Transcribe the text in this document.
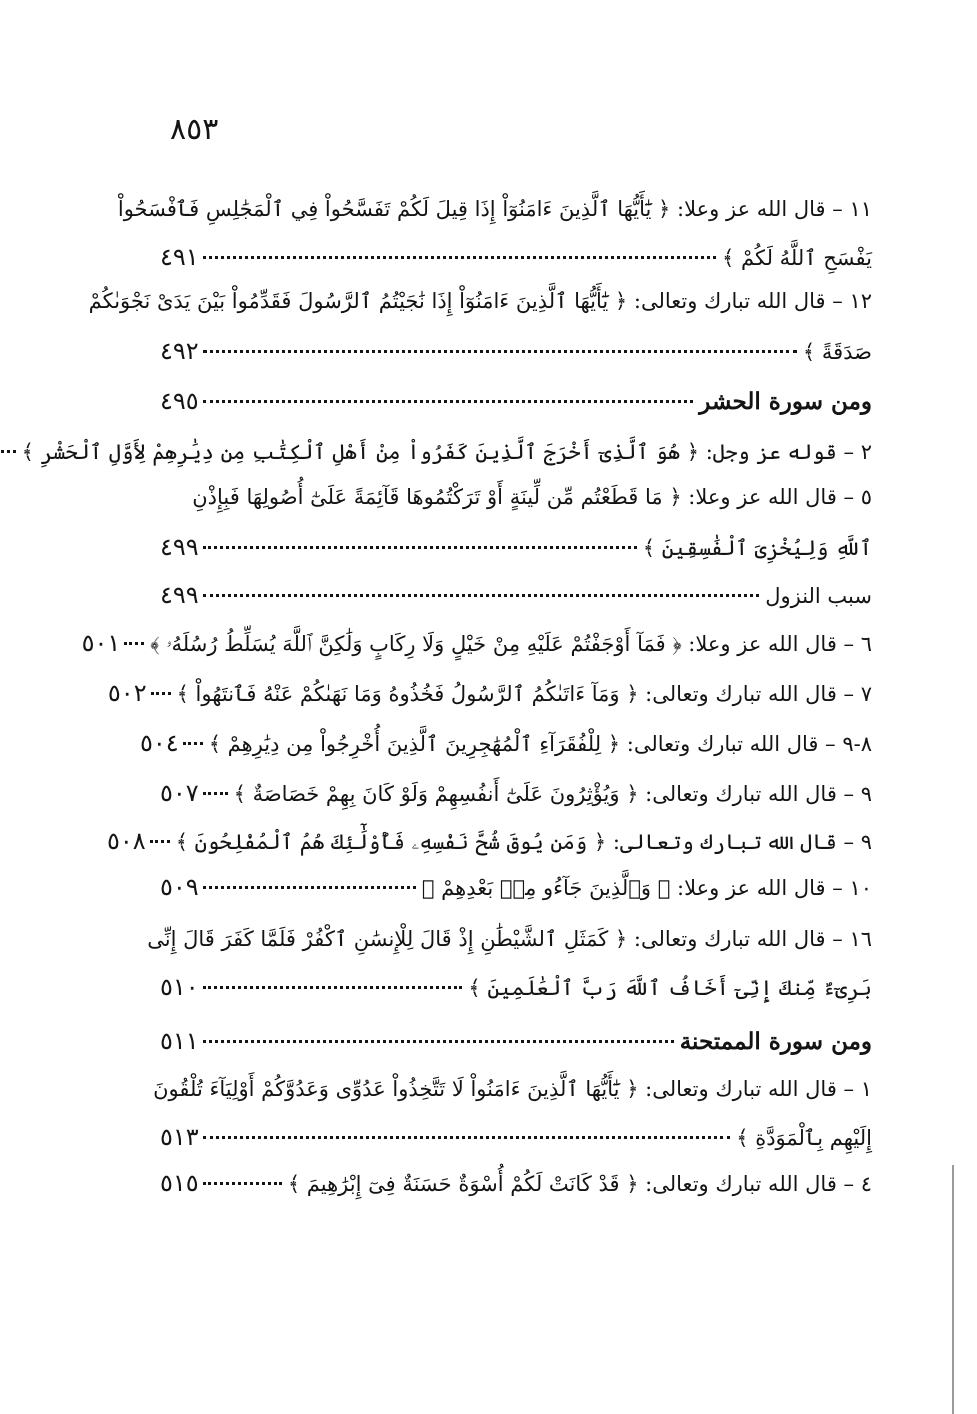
٨٥٣
١١ – قال الله عز وعلا: ﴿ يَٰٓأَيُّهَا ٱلَّذِينَ ءَامَنُوٓاْ إِذَا قِيلَ لَكُمْ تَفَسَّحُواْ فِي ٱلْمَجَٰلِسِ فَٱفْسَحُواْ
يَفْسَحِ ٱللَّهُ لَكُمْ ﴾
٤٩١
١٢ – قال الله تبارك وتعالى: ﴿ يَٰٓأَيُّهَا ٱلَّذِينَ ءَامَنُوٓاْ إِذَا نَٰجَيْتُمُ ٱلرَّسُولَ فَقَدِّمُواْ بَيْنَ يَدَىْ نَجْوَىٰكُمْ
صَدَقَةً ﴾
٤٩٢
ومن سورة الحشر
٤٩٥
٢ – قوله عز وجل: ﴿ هُوَ ٱلَّذِىٓ أَخْرَجَ ٱلَّذِينَ كَفَرُواْ مِنْ أَهْلِ ٱلْكِتَٰبِ مِن دِيَٰرِهِمْ لِأَوَّلِ ٱلْحَشْرِ ﴾
٥ – قال الله عز وعلا: ﴿ مَا قَطَعْتُم مِّن لِّينَةٍ أَوْ تَرَكْتُمُوهَا قَآئِمَةً عَلَىٰٓ أُصُولِهَا فَبِإِذْنِ
ٱللَّهِ وَلِيُخْزِىَ ٱلْفَٰسِقِينَ ﴾
٤٩٩
سبب النزول
٤٩٩
٦ – قال الله عز وعلا: ﴿ فَمَآ أَوْجَفْتُمْ عَلَيْهِ مِنْ خَيْلٍ وَلَا رِكَابٍ وَلَٰكِنَّ ٱللَّهَ يُسَلِّطُ رُسُلَهُۥ ﴾
٥٠١
٧ – قال الله تبارك وتعالى: ﴿ وَمَآ ءَاتَىٰكُمُ ٱلرَّسُولُ فَخُذُوهُ وَمَا نَهَىٰكُمْ عَنْهُ فَٱنتَهُواْ ﴾
٥٠٢
٨-٩ – قال الله تبارك وتعالى: ﴿ لِلْفُقَرَآءِ ٱلْمُهَٰجِرِينَ ٱلَّذِينَ أُخْرِجُواْ مِن دِيَٰرِهِمْ ﴾
٥٠٤
٩ – قال الله تبارك وتعالى: ﴿ وَيُؤْثِرُونَ عَلَىٰٓ أَنفُسِهِمْ وَلَوْ كَانَ بِهِمْ خَصَاصَةٌ ﴾
٥٠٧
٩ – قال الله تبارك وتعالى: ﴿ وَمَن يُوقَ شُحَّ نَفْسِهِۦ فَأُوْلَٰٓئِكَ هُمُ ٱلْمُفْلِحُونَ ﴾
٥٠٨
١٠ – قال الله عز وعلا: ﴿ وَٱلَّذِينَ جَآءُو مِنۢ بَعْدِهِمْ ﴾
٥٠٩
١٦ – قال الله تبارك وتعالى: ﴿ كَمَثَلِ ٱلشَّيْطَٰنِ إِذْ قَالَ لِلْإِنسَٰنِ ٱكْفُرْ فَلَمَّا كَفَرَ قَالَ إِنِّى
بَرِىٓءٌ مِّنكَ إِنِّىٓ أَخَافُ ٱللَّهَ رَبَّ ٱلْعَٰلَمِينَ ﴾
٥١٠
ومن سورة الممتحنة
٥١١
١ – قال الله تبارك وتعالى: ﴿ يَٰٓأَيُّهَا ٱلَّذِينَ ءَامَنُواْ لَا تَتَّخِذُواْ عَدُوِّى وَعَدُوَّكُمْ أَوْلِيَآءَ تُلْقُونَ
إِلَيْهِم بِٱلْمَوَدَّةِ ﴾
٥١٣
٤ – قال الله تبارك وتعالى: ﴿ قَدْ كَانَتْ لَكُمْ أُسْوَةٌ حَسَنَةٌ فِىٓ إِبْرَٰهِيمَ ﴾
٥١٥
